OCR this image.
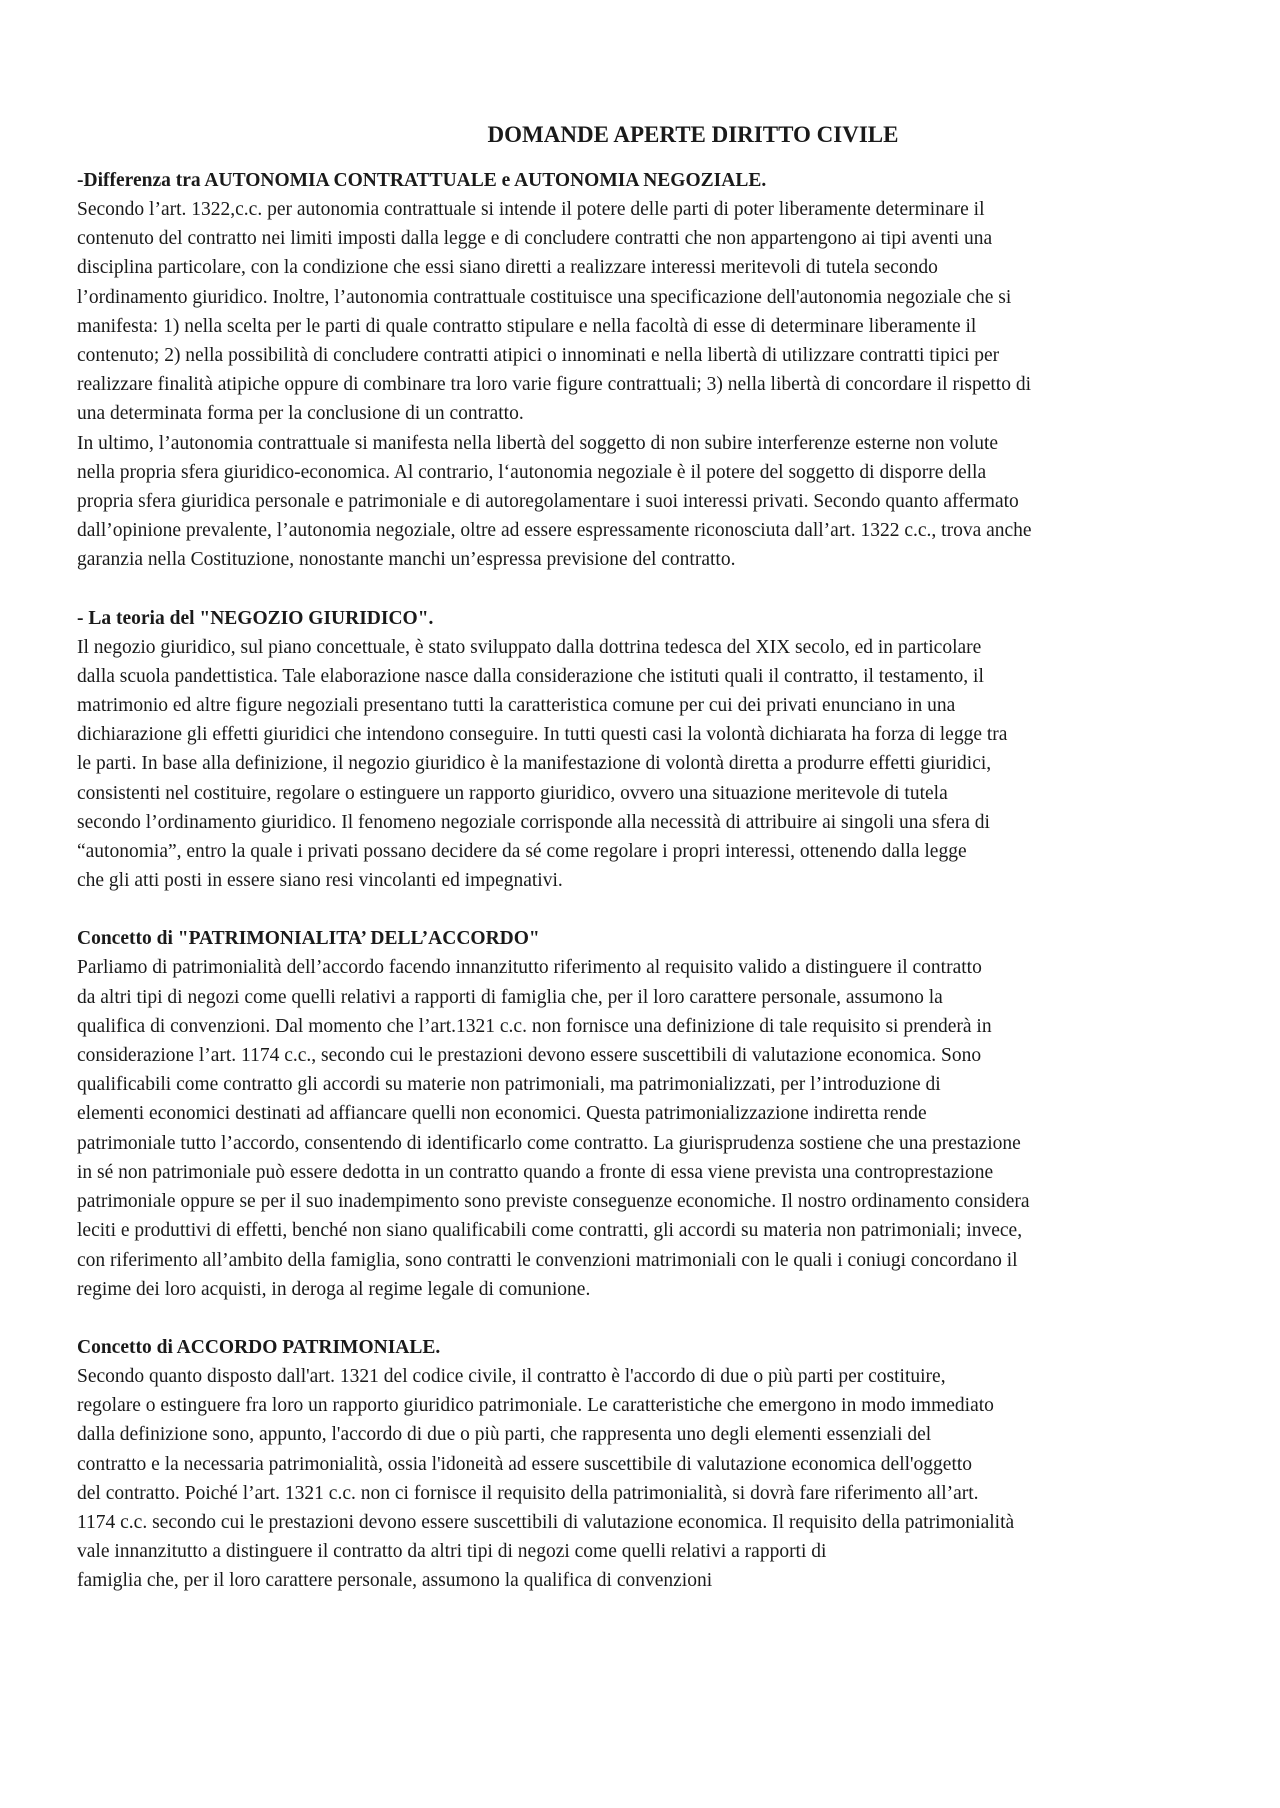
DOMANDE APERTE DIRITTO CIVILE
-Differenza tra AUTONOMIA CONTRATTUALE e AUTONOMIA NEGOZIALE.
Secondo l’art. 1322,c.c. per autonomia contrattuale si intende il potere delle parti di poter liberamente determinare il
contenuto del contratto nei limiti imposti dalla legge e di concludere contratti che non appartengono ai tipi aventi una
disciplina particolare, con la condizione che essi siano diretti a realizzare interessi meritevoli di tutela secondo
l’ordinamento giuridico. Inoltre, l’autonomia contrattuale costituisce una specificazione dell'autonomia negoziale che si
manifesta: 1) nella scelta per le parti di quale contratto stipulare e nella facoltà di esse di determinare liberamente il
contenuto; 2) nella possibilità di concludere contratti atipici o innominati e nella libertà di utilizzare contratti tipici per
realizzare finalità atipiche oppure di combinare tra loro varie figure contrattuali; 3) nella libertà di concordare il rispetto di
una determinata forma per la conclusione di un contratto.
In ultimo, l’autonomia contrattuale si manifesta nella libertà del soggetto di non subire interferenze esterne non volute
nella propria sfera giuridico-economica. Al contrario, l‘autonomia negoziale è il potere del soggetto di disporre della
propria sfera giuridica personale e patrimoniale e di autoregolamentare i suoi interessi privati. Secondo quanto affermato
dall’opinione prevalente, l’autonomia negoziale, oltre ad essere espressamente riconosciuta dall’art. 1322 c.c., trova anche
garanzia nella Costituzione, nonostante manchi un’espressa previsione del contratto.
- La teoria del "NEGOZIO GIURIDICO".
Il negozio giuridico, sul piano concettuale, è stato sviluppato dalla dottrina tedesca del XIX secolo, ed in particolare
dalla scuola pandettistica. Tale elaborazione nasce dalla considerazione che istituti quali il contratto, il testamento, il
matrimonio ed altre figure negoziali presentano tutti la caratteristica comune per cui dei privati enunciano in una
dichiarazione gli effetti giuridici che intendono conseguire. In tutti questi casi la volontà dichiarata ha forza di legge tra
le parti. In base alla definizione, il negozio giuridico è la manifestazione di volontà diretta a produrre effetti giuridici,
consistenti nel costituire, regolare o estinguere un rapporto giuridico, ovvero una situazione meritevole di tutela
secondo l’ordinamento giuridico. Il fenomeno negoziale corrisponde alla necessità di attribuire ai singoli una sfera di
“autonomia”, entro la quale i privati possano decidere da sé come regolare i propri interessi, ottenendo dalla legge
che gli atti posti in essere siano resi vincolanti ed impegnativi.
Concetto di "PATRIMONIALITA’ DELL’ACCORDO"
Parliamo di patrimonialità dell’accordo facendo innanzitutto riferimento al requisito valido a distinguere il contratto
da altri tipi di negozi come quelli relativi a rapporti di famiglia che, per il loro carattere personale, assumono la
qualifica di convenzioni. Dal momento che l’art.1321 c.c. non fornisce una definizione di tale requisito si prenderà in
considerazione l’art. 1174 c.c., secondo cui le prestazioni devono essere suscettibili di valutazione economica. Sono
qualificabili come contratto gli accordi su materie non patrimoniali, ma patrimonializzati, per l’introduzione di
elementi economici destinati ad affiancare quelli non economici. Questa patrimonializzazione indiretta rende
patrimoniale tutto l’accordo, consentendo di identificarlo come contratto. La giurisprudenza sostiene che una prestazione
in sé non patrimoniale può essere dedotta in un contratto quando a fronte di essa viene prevista una controprestazione
patrimoniale oppure se per il suo inadempimento sono previste conseguenze economiche. Il nostro ordinamento considera
leciti e produttivi di effetti, benché non siano qualificabili come contratti, gli accordi su materia non patrimoniali; invece,
con riferimento all’ambito della famiglia, sono contratti le convenzioni matrimoniali con le quali i coniugi concordano il
regime dei loro acquisti, in deroga al regime legale di comunione.
Concetto di ACCORDO PATRIMONIALE.
Secondo quanto disposto dall'art. 1321 del codice civile, il contratto è l'accordo di due o più parti per costituire,
regolare o estinguere fra loro un rapporto giuridico patrimoniale. Le caratteristiche che emergono in modo immediato
dalla definizione sono, appunto, l'accordo di due o più parti, che rappresenta uno degli elementi essenziali del
contratto e la necessaria patrimonialità, ossia l'idoneità ad essere suscettibile di valutazione economica dell'oggetto
del contratto. Poiché l’art. 1321 c.c. non ci fornisce il requisito della patrimonialità, si dovrà fare riferimento all’art.
1174 c.c. secondo cui le prestazioni devono essere suscettibili di valutazione economica. Il requisito della patrimonialità
vale innanzitutto a distinguere il contratto da altri tipi di negozi come quelli relativi a rapporti di
famiglia che, per il loro carattere personale, assumono la qualifica di convenzioni
